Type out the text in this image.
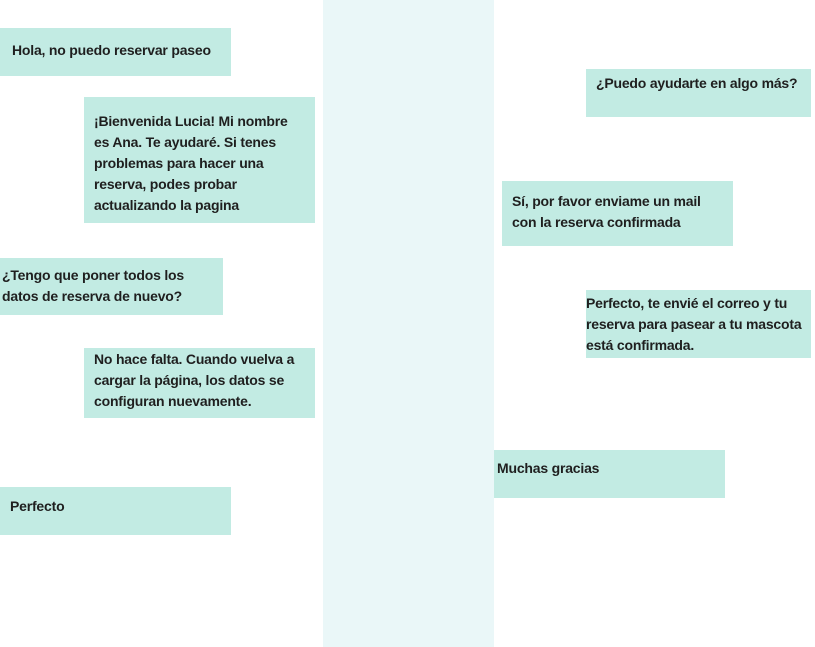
Hola, no puedo reservar paseo
¡Bienvenida Lucia! Mi nombre es Ana. Te ayudaré. Si tenes problemas para hacer una reserva, podes probar actualizando la pagina
¿Tengo que poner todos los datos de reserva de nuevo?
No hace falta. Cuando vuelva a cargar la página, los datos se configuran nuevamente.
Perfecto
¿Puedo ayudarte en algo más?
Sí, por favor enviame un mail con la reserva confirmada
Perfecto, te envié el correo y tu reserva para pasear a tu mascota está confirmada.
Muchas gracias
